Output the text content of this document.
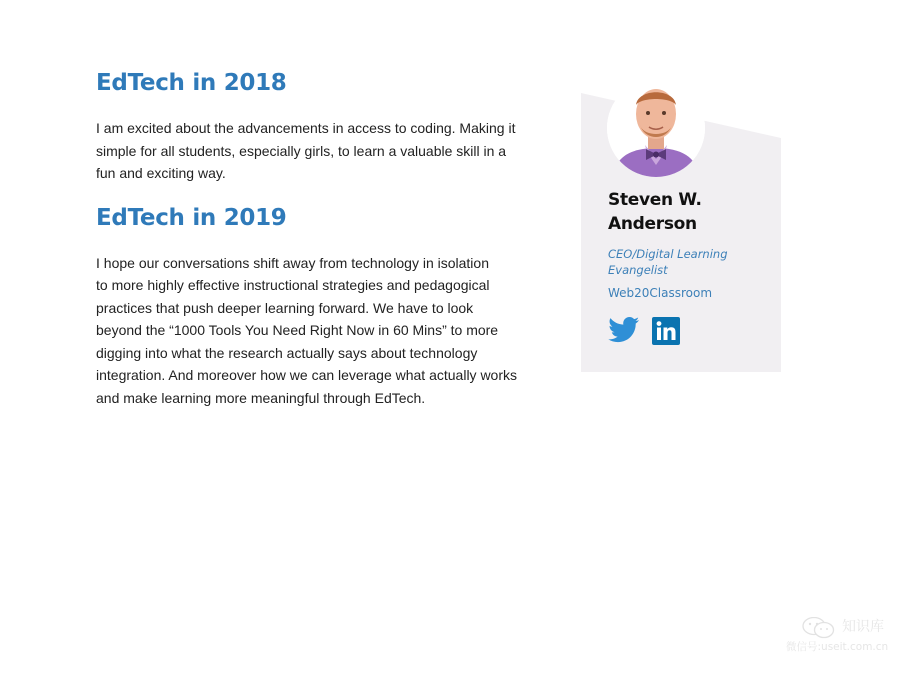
EdTech in 2018

I am excited about the advancements in access to coding. Making it
simple for all students, especially girls, to learn a valuable skill in a
fun and exciting way.

EdTech in 2019

I hope our conversations shift away from technology in isolation
to more highly effective instructional strategies and pedagogical
practices that push deeper learning forward. We have to look
beyond the “1000 Tools You Need Right Now in 60 Mins” to more
digging into what the research actually says about technology
integration. And moreover how we can leverage what actually works
and make learning more meaningful through EdTech.

Steven W.
Anderson

CEO/Digital Learning
Evangelist

Web20Classroom

知识库
微信号:useit.com.cn
